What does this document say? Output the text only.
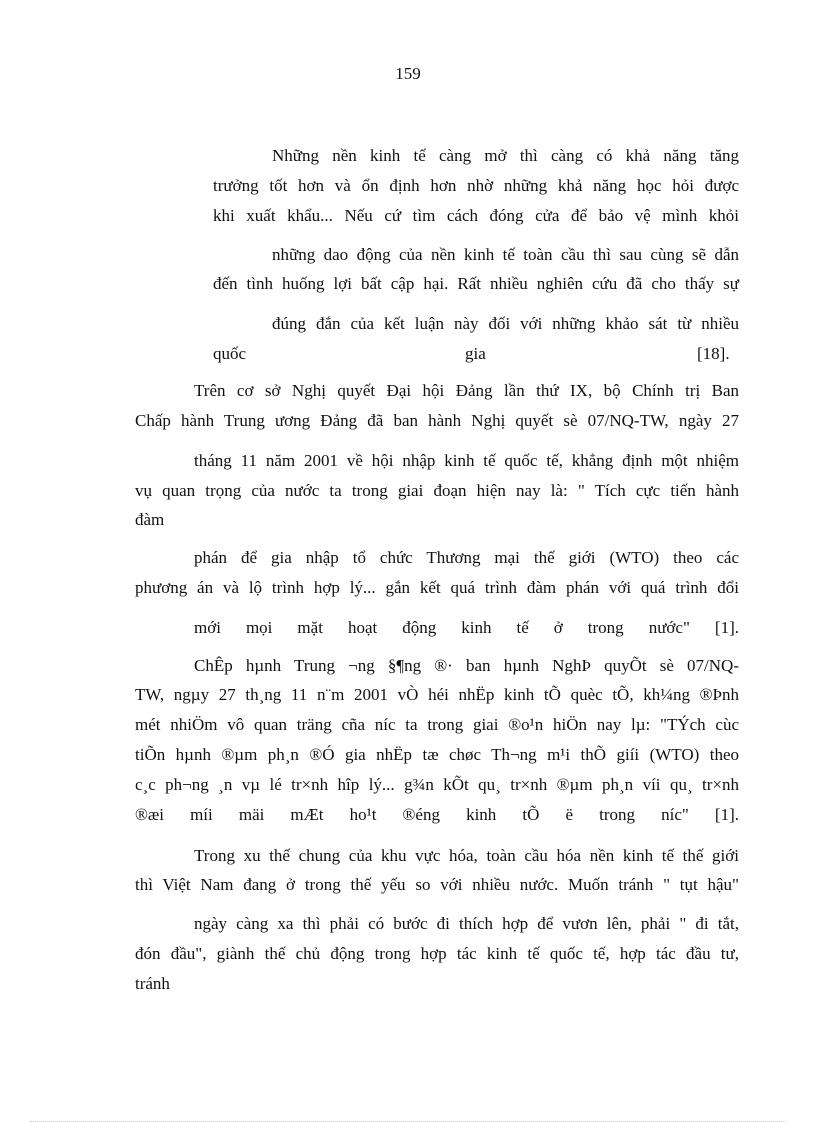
159
Những nền kinh tế càng mở thì càng có khả năng tăng
trưởng tốt hơn và ổn định hơn nhờ những khả năng học hỏi được
khi xuất khẩu... Nếu cứ tìm cách đóng cửa để bảo vệ mình khỏi
những dao động của nền kinh tế toàn cầu thì sau cùng sẽ dẫn
đến tình huống lợi bất cập hại. Rất nhiều nghiên cứu đã cho thấy sự
đúng đắn của kết luận này đối với những khảo sát từ nhiều
quốc	gia	[18].
Trên cơ sở Nghị quyết Đại hội Đảng lần thứ IX, bộ Chính trị Ban
Chấp hành Trung ương Đảng đã ban hành Nghị quyết sè 07/NQ-TW, ngày 27
tháng 11 năm 2001 về hội nhập kinh tế quốc tế, khẳng định một nhiệm
vụ quan trọng của nước ta trong giai đoạn hiện nay là: " Tích cực tiến hành
đàm
phán để gia nhập tổ chức Thương mại thế giới (WTO) theo các
phương án và lộ trình hợp lý... gắn kết quá trình đàm phán với quá trình đổi
mới mọi mặt hoạt động kinh tế ở trong nước" [1].
ChÊp hµnh Trung ¬ng §¶ng ®· ban hµnh NghÞ quyÕt sè 07/NQ-
TW, ngµy 27 th¸ng 11 n¨m 2001 vÒ héi nhËp kinh tÕ quèc tÕ, kh¼ng ®Þnh
mét nhiÖm vô quan träng cña níc ta trong giai ®o¹n hiÖn nay lµ: "TÝch cùc
tiÕn hµnh ®µm ph¸n ®Ó gia nhËp tæ chøc Th¬ng m¹i thÕ giíi (WTO) theo
c¸c ph¬ng ¸n vµ lé tr×nh hîp lý... g¾n kÕt qu¸ tr×nh ®µm ph¸n víi qu¸ tr×nh
®æi míi mäi mÆt ho¹t ®éng kinh tÕ ë trong níc" [1].
Trong xu thế chung của khu vực hóa, toàn cầu hóa nền kinh tế thế giới
thì Việt Nam đang ở trong thế yếu so với nhiều nước. Muốn tránh " tụt hậu"
ngày càng xa thì phải có bước đi thích hợp để vươn lên, phải " đi tắt,
đón đầu", giành thế chủ động trong hợp tác kinh tế quốc tế, hợp tác đầu tư,
tránh
